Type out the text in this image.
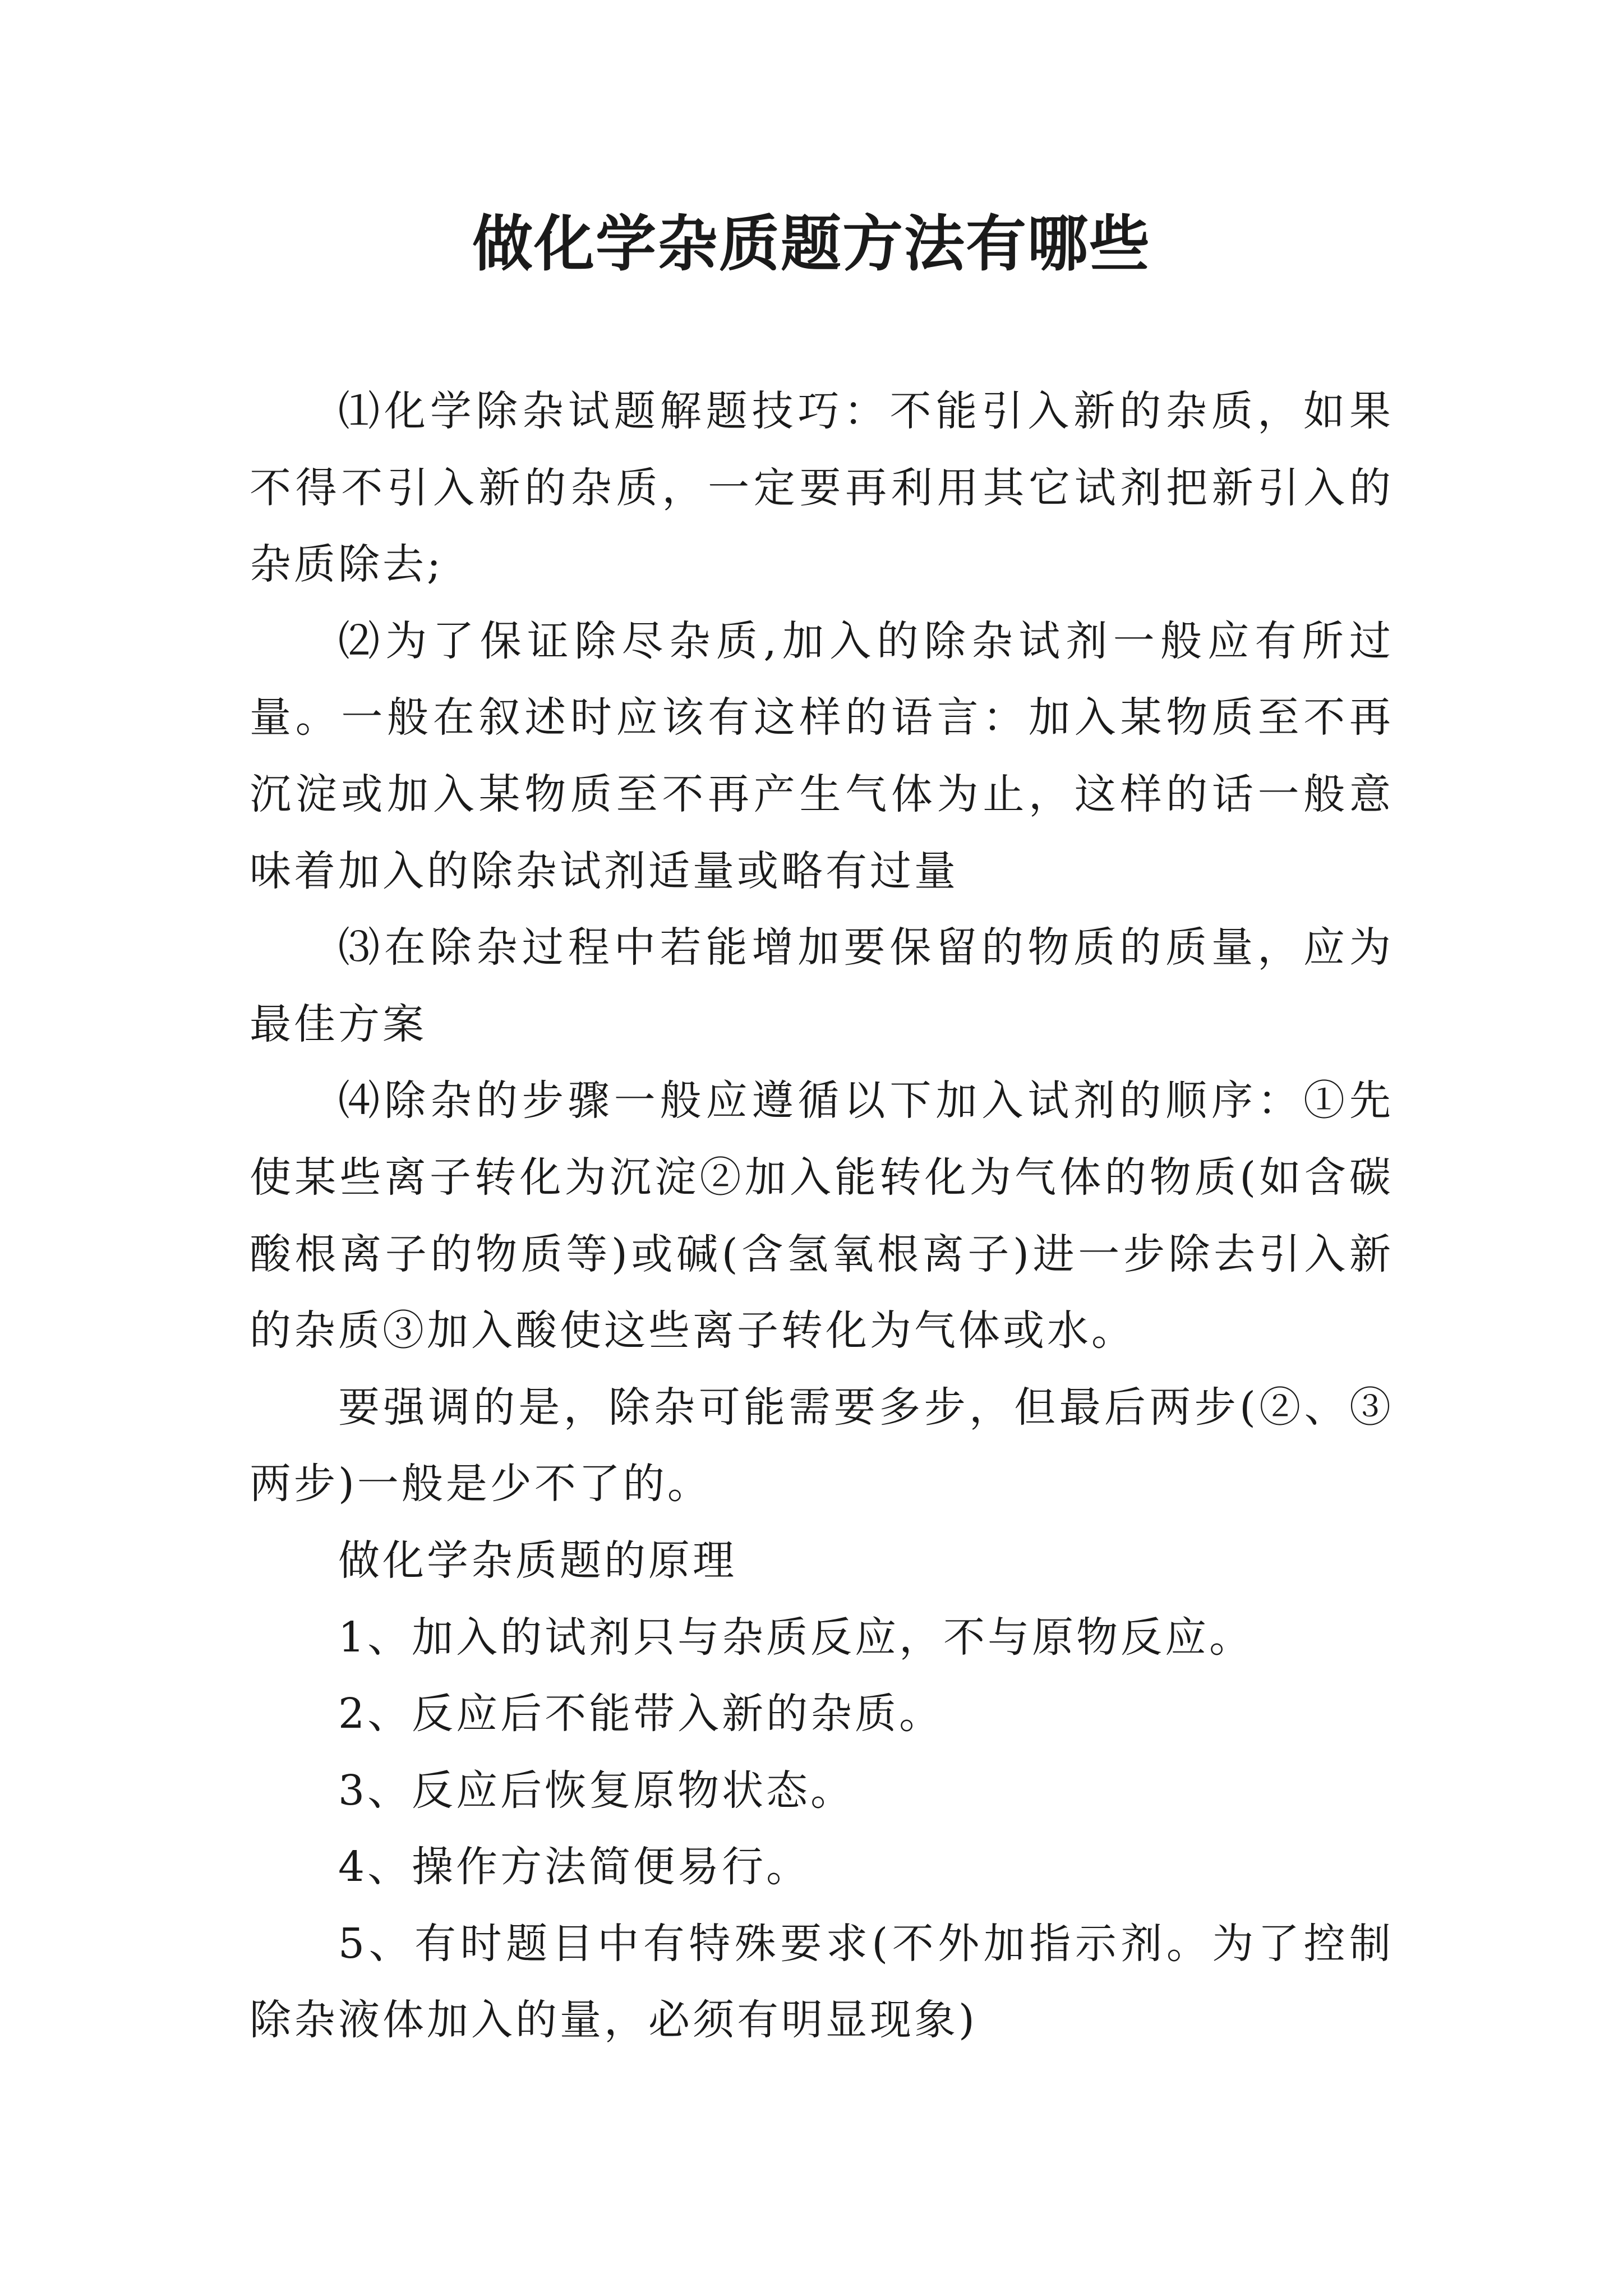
做化学杂质题方法有哪些

⑴化学除杂试题解题技巧：不能引入新的杂质，如果不得不引入新的杂质，一定要再利用其它试剂把新引入的杂质除去;

⑵为了保证除尽杂质,加入的除杂试剂一般应有所过量。一般在叙述时应该有这样的语言：加入某物质至不再沉淀或加入某物质至不再产生气体为止，这样的话一般意味着加入的除杂试剂适量或略有过量

⑶在除杂过程中若能增加要保留的物质的质量，应为最佳方案

⑷除杂的步骤一般应遵循以下加入试剂的顺序：①先使某些离子转化为沉淀②加入能转化为气体的物质(如含碳酸根离子的物质等)或碱(含氢氧根离子)进一步除去引入新的杂质③加入酸使这些离子转化为气体或水。

要强调的是，除杂可能需要多步，但最后两步(②、③两步)一般是少不了的。

做化学杂质题的原理

1、加入的试剂只与杂质反应，不与原物反应。

2、反应后不能带入新的杂质。

3、反应后恢复原物状态。

4、操作方法简便易行。

5、有时题目中有特殊要求(不外加指示剂。为了控制除杂液体加入的量，必须有明显现象)
